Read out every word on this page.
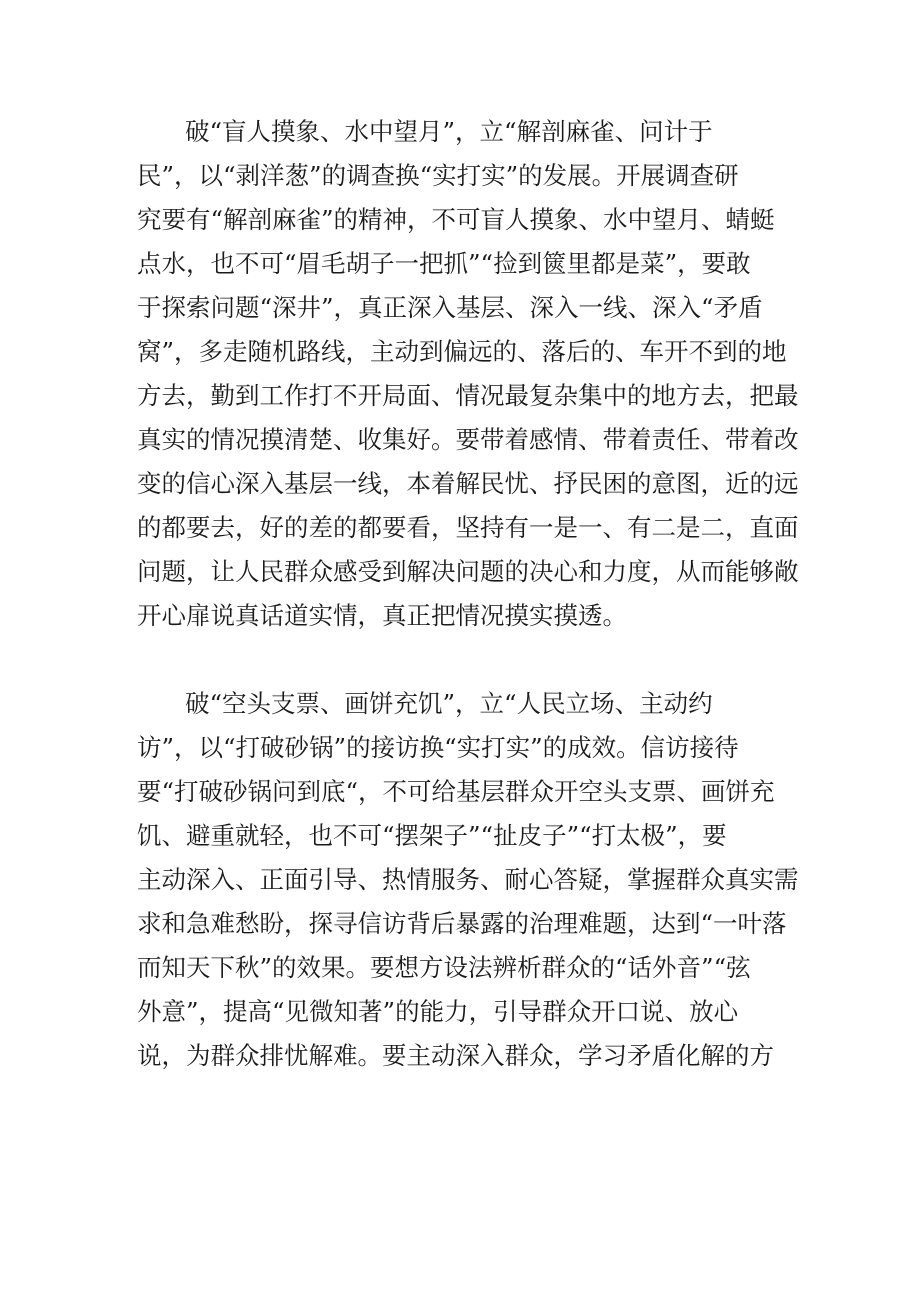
破“盲人摸象、水中望月”，立“解剖麻雀、问计于
民”，以“剥洋葱”的调查换“实打实”的发展。开展调查研
究要有“解剖麻雀”的精神，不可盲人摸象、水中望月、蜻蜓
点水，也不可“眉毛胡子一把抓”“捡到篋里都是菜”，要敢
于探索问题“深井”，真正深入基层、深入一线、深入“矛盾
窝”，多走随机路线，主动到偏远的、落后的、车开不到的地
方去，勤到工作打不开局面、情况最复杂集中的地方去，把最
真实的情况摸清楚、收集好。要带着感情、带着责任、带着改
变的信心深入基层一线，本着解民忧、抒民困的意图，近的远
的都要去，好的差的都要看，坚持有一是一、有二是二，直面
问题，让人民群众感受到解决问题的决心和力度，从而能够敞
开心扉说真话道实情，真正把情况摸实摸透。
破“空头支票、画饼充饥”，立“人民立场、主动约
访”，以“打破砂锅”的接访换“实打实”的成效。信访接待
要“打破砂锅问到底“，不可给基层群众开空头支票、画饼充
饥、避重就轻，也不可“摆架子”“扯皮子”“打太极”，要
主动深入、正面引导、热情服务、耐心答疑，掌握群众真实需
求和急难愁盼，探寻信访背后暴露的治理难题，达到“一叶落
而知天下秋”的效果。要想方设法辨析群众的“话外音”“弦
外意”，提高“见微知著”的能力，引导群众开口说、放心
说，为群众排忧解难。要主动深入群众，学习矛盾化解的方
